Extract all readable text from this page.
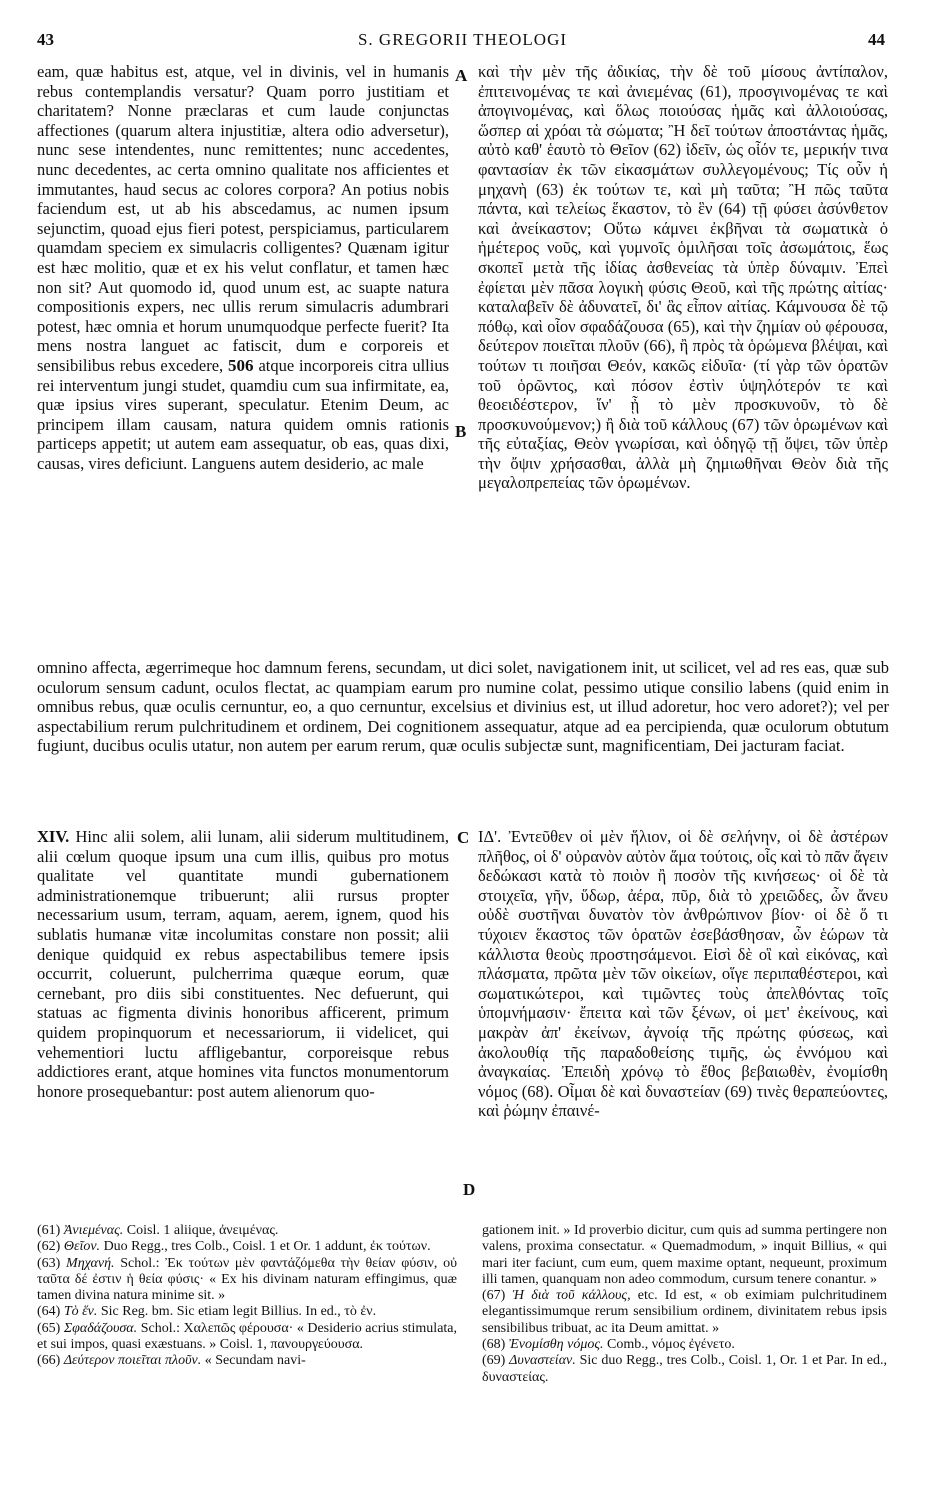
43	S. GREGORII THEOLOGI	44
A
B
C
D
eam, quæ habitus est, atque, vel in divinis, vel in humanis rebus contemplandis versatur? Quam porro justitiam et charitatem? Nonne præclaras et cum laude conjunctas affectiones (quarum altera injustitiæ, altera odio adversetur), nunc sese intendentes, nunc remittentes; nunc accedentes, nunc decedentes, ac certa omnino qualitate nos afficientes et immutantes, haud secus ac colores corpora? An potius nobis faciendum est, ut ab his abscedamus, ac numen ipsum sejunctim, quoad ejus fieri potest, perspiciamus, particularem quamdam speciem ex simulacris colligentes? Quænam igitur est hæc molitio, quæ et ex his velut conflatur, et tamen hæc non sit? Aut quomodo id, quod unum est, ac suapte natura compositionis expers, nec ullis rerum simulacris adumbrari potest, hæc omnia et horum unumquodque perfecte fuerit? Ita mens nostra languet ac fatiscit, dum e corporeis et sensibilibus rebus excedere, 506 atque incorporeis citra ullius rei interventum jungi studet, quamdiu cum sua infirmitate, ea, quæ ipsius vires superant, speculatur. Etenim Deum, ac principem illam causam, natura quidem omnis rationis particeps appetit; ut autem eam assequatur, ob eas, quas dixi, causas, vires deficiunt. Languens autem desiderio, ac male
καὶ τὴν μὲν τῆς ἀδικίας, τὴν δὲ τοῦ μίσους ἀντίπαλον, ἐπιτεινομένας τε καὶ ἀνιεμένας (61), προσγινομένας τε καὶ ἀπογινομένας, καὶ ὅλως ποιούσας ἡμᾶς καὶ ἀλλοιούσας, ὥσπερ αἱ χρόαι τὰ σώματα; Ἢ δεῖ τούτων ἀποστάντας ἡμᾶς, αὐτὸ καθ' ἑαυτὸ τὸ Θεῖον (62) ἰδεῖν, ὡς οἷόν τε, μερικήν τινα φαντασίαν ἐκ τῶν εἰκασμάτων συλλεγομένους; Τίς οὖν ἡ μηχανὴ (63) ἐκ τούτων τε, καὶ μὴ ταῦτα; Ἢ πῶς ταῦτα πάντα, καὶ τελείως ἕκαστον, τὸ ἓν (64) τῇ φύσει ἀσύνθετον καὶ ἀνείκαστον; Οὕτω κάμνει ἐκβῆναι τὰ σωματικὰ ὁ ἡμέτερος νοῦς, καὶ γυμνοῖς ὁμιλῆσαι τοῖς ἀσωμάτοις, ἕως σκοπεῖ μετὰ τῆς ἰδίας ἀσθενείας τὰ ὑπὲρ δύναμιν. Ἐπεὶ ἐφίεται μὲν πᾶσα λογικὴ φύσις Θεοῦ, καὶ τῆς πρώτης αἰτίας· καταλαβεῖν δὲ ἀδυνατεῖ, δι' ἃς εἶπον αἰτίας. Κάμνουσα δὲ τῷ πόθῳ, καὶ οἷον σφαδάζουσα (65), καὶ τὴν ζημίαν οὐ φέρουσα, δεύτερον ποιεῖται πλοῦν (66), ἢ πρὸς τὰ ὁρώμενα βλέψαι, καὶ τούτων τι ποιῆσαι Θεόν, κακῶς εἰδυῖα· (τί γὰρ τῶν ὁρατῶν τοῦ ὁρῶντος, καὶ πόσον ἐστὶν ὑψηλότερόν τε καὶ θεοειδέστερον, ἵν' ᾖ τὸ μὲν προσκυνοῦν, τὸ δὲ προσκυνούμενον;) ἢ διὰ τοῦ κάλλους (67) τῶν ὁρωμένων καὶ τῆς εὐταξίας, Θεὸν γνωρίσαι, καὶ ὁδηγῷ τῇ ὄψει, τῶν ὑπὲρ τὴν ὄψιν χρήσασθαι, ἀλλὰ μὴ ζημιωθῆναι Θεὸν διὰ τῆς μεγαλοπρεπείας τῶν ὁρωμένων.
omnino affecta, ægerrimeque hoc damnum ferens, secundam, ut dici solet, navigationem init, ut scilicet, vel ad res eas, quæ sub oculorum sensum cadunt, oculos flectat, ac quampiam earum pro numine colat, pessimo utique consilio labens (quid enim in omnibus rebus, quæ oculis cernuntur, eo, a quo cernuntur, excelsius et divinius est, ut illud adoretur, hoc vero adoret?); vel per aspectabilium rerum pulchritudinem et ordinem, Dei cognitionem assequatur, atque ad ea percipienda, quæ oculorum obtutum fugiunt, ducibus oculis utatur, non autem per earum rerum, quæ oculis subjectæ sunt, magnificentiam, Dei jacturam faciat.
XIV. Hinc alii solem, alii lunam, alii siderum multitudinem, alii cœlum quoque ipsum una cum illis, quibus pro motus qualitate vel quantitate mundi gubernationem administrationemque tribuerunt; alii rursus propter necessarium usum, terram, aquam, aerem, ignem, quod his sublatis humanæ vitæ incolumitas constare non possit; alii denique quidquid ex rebus aspectabilibus temere ipsis occurrit, coluerunt, pulcherrima quæque eorum, quæ cernebant, pro diis sibi constituentes. Nec defuerunt, qui statuas ac figmenta divinis honoribus afficerent, primum quidem propinquorum et necessariorum, ii videlicet, qui vehementiori luctu affligebantur, corporeisque rebus addictiores erant, atque homines vita functos monumentorum honore prosequebantur: post autem alienorum quo-
ΙΔ'. Ἐντεῦθεν οἱ μὲν ἥλιον, οἱ δὲ σελήνην, οἱ δὲ ἀστέρων πλῆθος, οἱ δ' οὐρανὸν αὐτὸν ἅμα τούτοις, οἷς καὶ τὸ πᾶν ἄγειν δεδώκασι κατὰ τὸ ποιὸν ἢ ποσὸν τῆς κινήσεως· οἱ δὲ τὰ στοιχεῖα, γῆν, ὕδωρ, ἀέρα, πῦρ, διὰ τὸ χρειῶδες, ὧν ἄνευ οὐδὲ συστῆναι δυνατὸν τὸν ἀνθρώπινον βίον· οἱ δὲ ὅ τι τύχοιεν ἕκαστος τῶν ὁρατῶν ἐσεβάσθησαν, ὧν ἑώρων τὰ κάλλιστα θεοὺς προστησάμενοι. Εἰσὶ δὲ οἳ καὶ εἰκόνας, καὶ πλάσματα, πρῶτα μὲν τῶν οἰκείων, οἵγε περιπαθέστεροι, καὶ σωματικώτεροι, καὶ τιμῶντες τοὺς ἀπελθόντας τοῖς ὑπομνήμασιν· ἔπειτα καὶ τῶν ξένων, οἱ μετ' ἐκείνους, καὶ μακρὰν ἀπ' ἐκείνων, ἀγνοίᾳ τῆς πρώτης φύσεως, καὶ ἀκολουθίᾳ τῆς παραδοθείσης τιμῆς, ὡς ἐννόμου καὶ ἀναγκαίας. Ἐπειδὴ χρόνῳ τὸ ἔθος βεβαιωθὲν, ἐνομίσθη νόμος (68). Οἶμαι δὲ καὶ δυναστείαν (69) τινὲς θεραπεύοντες, καὶ ῥώμην ἐπαινέ-
(61) Ἀνιεμένας. Coisl. 1 aliique, ἀνειμένας.
(62) Θεῖον. Duo Regg., tres Colb., Coisl. 1 et Or. 1 addunt, ἐκ τούτων.
(63) Μηχανή. Schol.: Ἐκ τούτων μὲν φαντάζόμεθα τὴν θείαν φύσιν, οὐ ταῦτα δέ ἐστιν ἡ θεία φύσις· « Ex his divinam naturam effingimus, quæ tamen divina natura minime sit. »
(64) Τὸ ἕν. Sic Reg. bm. Sic etiam legit Billius. In ed., τὸ ἐν.
(65) Σφαδάζουσα. Schol.: Χαλεπῶς φέρουσα· « Desiderio acrius stimulata, et sui impos, quasi exæstuans. » Coisl. 1, πανουργεύουσα.
(66) Δεύτερον ποιεῖται πλοῦν. « Secundam navi-
gationem init. » Id proverbio dicitur, cum quis ad summa pertingere non valens, proxima consectatur. « Quemadmodum, » inquit Billius, « qui mari iter faciunt, cum eum, quem maxime optant, nequeunt, proximum illi tamen, quanquam non adeo commodum, cursum tenere conantur. »
(67) Ἡ διὰ τοῦ κάλλους, etc. Id est, « ob eximiam pulchritudinem elegantissimumque rerum sensibilium ordinem, divinitatem rebus ipsis sensibilibus tribuat, ac ita Deum amittat. »
(68) Ἐνομίσθη νόμος. Comb., νόμος ἐγένετο.
(69) Δυναστείαν. Sic duo Regg., tres Colb., Coisl. 1, Or. 1 et Par. In ed., δυναστείας.
